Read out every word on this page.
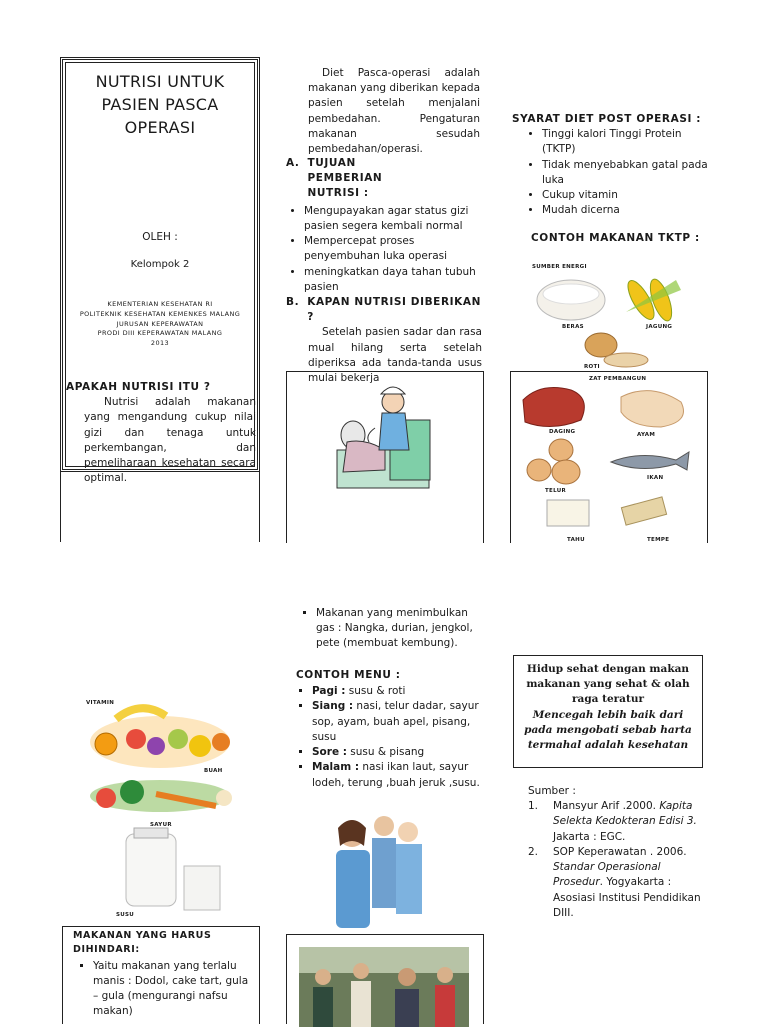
NUTRISI UNTUK
PASIEN PASCA
OPERASI
OLEH :
Kelompok 2
KEMENTERIAN KESEHATAN RI
POLITEKNIK KESEHATAN KEMENKES MALANG
JURUSAN KEPERAWATAN
PRODI DIII KEPERAWATAN MALANG
2013
APAKAH NUTRISI ITU ?

Nutrisi adalah makanan yang mengandung cukup nilai gizi dan tenaga untuk perkembangan, dan pemeliharaan kesehatan secara optimal.

Diet Pasca-operasi adalah makanan yang diberikan kepada pasien setelah menjalani pembedahan. Pengaturan makanan sesudah pembedahan/operasi.

A. TUJUAN PEMBERIAN NUTRISI :
• Mengupayakan agar status gizi pasien segera kembali normal
• Mempercepat proses penyembuhan luka operasi
• meningkatkan daya tahan tubuh pasien
B. KAPAN NUTRISI DIBERIKAN ?

Setelah pasien sadar dan rasa mual hilang serta setelah diperiksa ada tanda-tanda usus mulai bekerja

SYARAT DIET POST OPERASI :
• Tinggi kalori Tinggi Protein (TKTP)
• Tidak menyebabkan gatal pada luka
• Cukup vitamin
• Mudah dicerna
CONTOH MAKANAN TKTP :
SUMBER ENERGI
BERAS	JAGUNG
ROTI
ZAT PEMBANGUN
DAGING	AYAM
TELUR
IKAN
TAHU	TEMPE
VITAMIN
BUAH
SAYUR
SUSU
MAKANAN YANG HARUS DIHINDARI:
▪ Yaitu makanan yang terlalu manis : Dodol, cake tart, gula – gula (mengurangi nafsu makan)
▪ Makanan yang menimbulkan gas : Nangka, durian, jengkol, pete (membuat kembung).
CONTOH MENU :
▪ Pagi : susu & roti
▪ Siang : nasi, telur dadar, sayur sop, ayam, buah apel, pisang, susu
▪ Sore : susu & pisang
▪ Malam : nasi ikan laut, sayur lodeh, terung ,buah jeruk ,susu.
Hidup sehat dengan makan makanan yang sehat & olah raga teratur
Mencegah lebih baik dari pada mengobati sebab harta termahal adalah kesehatan
Sumber :
1.	Mansyur Arif .2000. Kapita Selekta Kedokteran Edisi 3. Jakarta : EGC.
2.	SOP Keperawatan . 2006. Standar Operasional Prosedur. Yogyakarta : Asosiasi Institusi Pendidikan DIII.
